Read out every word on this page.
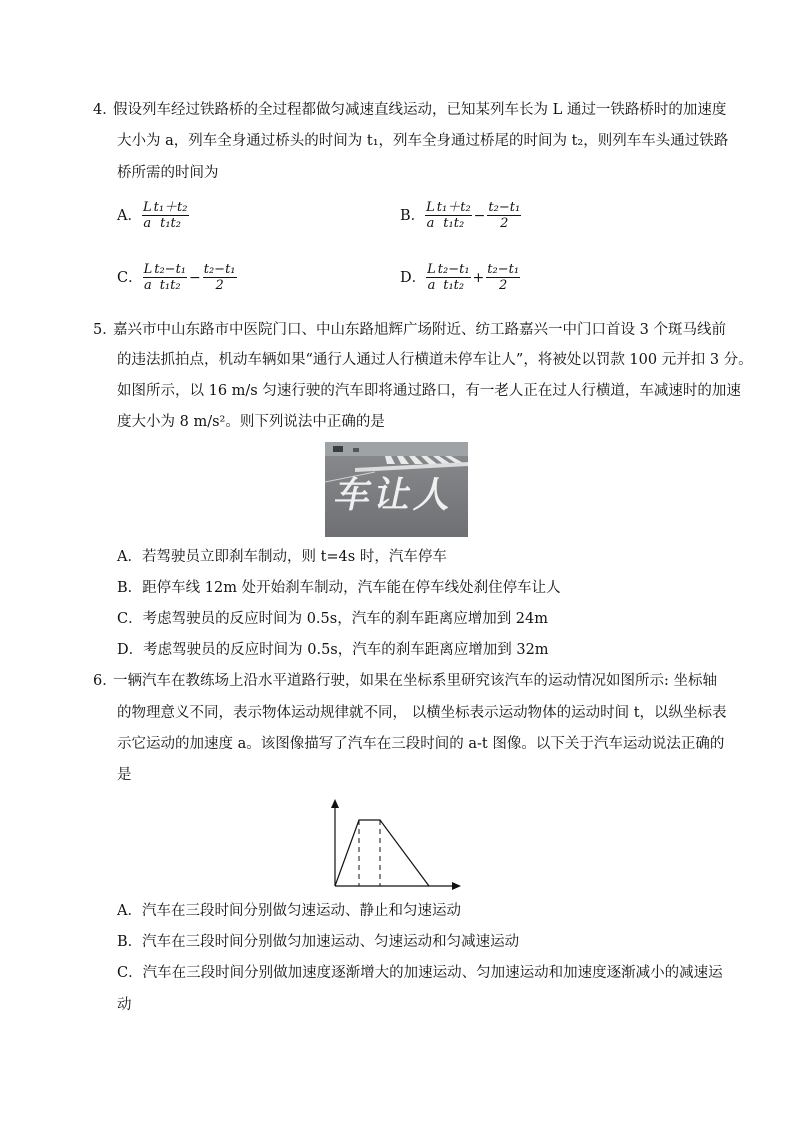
4．
假设列车经过铁路桥的全过程都做匀减速直线运动，已知某列车长为 L 通过一铁路桥时的加速度
大小为 a，列车全身通过桥头的时间为 t₁，列车全身通过桥尾的时间为 t₂，则列车车头通过铁路
桥所需的时间为
A． $\frac{L}{a} \frac{\text{t₁＋t₂}}{\text{t₁t₂}}$	B． $\frac{L}{a} \frac{\text{t₁＋t₂}}{\text{t₁t₂}} - \frac{\text{t₂−t₁}}{2}$
C． $\frac{L}{a} \frac{\text{t₂−t₁}}{\text{t₁t₂}} - \frac{\text{t₂−t₁}}{2}$	D． $\frac{L}{a} \frac{\text{t₂−t₁}}{\text{t₁t₂}} + \frac{\text{t₂−t₁}}{2}$
5．
嘉兴市中山东路市中医院门口、中山东路旭辉广场附近、纺工路嘉兴一中门口首设 3 个斑马线前
的违法抓拍点，机动车辆如果“通行人通过人行横道未停车让人”，将被处以罚款 100 元并扣 3 分。
如图所示，以 16 m/s 匀速行驶的汽车即将通过路口，有一老人正在过人行横道，车减速时的加速
度大小为 8 m/s²。则下列说法中正确的是
车让人
A．若驾驶员立即刹车制动，则 t=4s 时，汽车停车
B．距停车线 12m 处开始刹车制动，汽车能在停车线处刹住停车让人
C．考虑驾驶员的反应时间为 0.5s，汽车的刹车距离应增加到 24m
D．考虑驾驶员的反应时间为 0.5s，汽车的刹车距离应增加到 32m
6．
一辆汽车在教练场上沿水平道路行驶，如果在坐标系里研究该汽车的运动情况如图所示: 坐标轴
的物理意义不同，表示物体运动规律就不同， 以横坐标表示运动物体的运动时间 t，以纵坐标表
示它运动的加速度 a。该图像描写了汽车在三段时间的 a-t 图像。以下关于汽车运动说法正确的
是
A．汽车在三段时间分别做匀速运动、静止和匀速运动
B．汽车在三段时间分别做匀加速运动、匀速运动和匀减速运动
C．汽车在三段时间分别做加速度逐渐增大的加速运动、匀加速运动和加速度逐渐减小的减速运
动
